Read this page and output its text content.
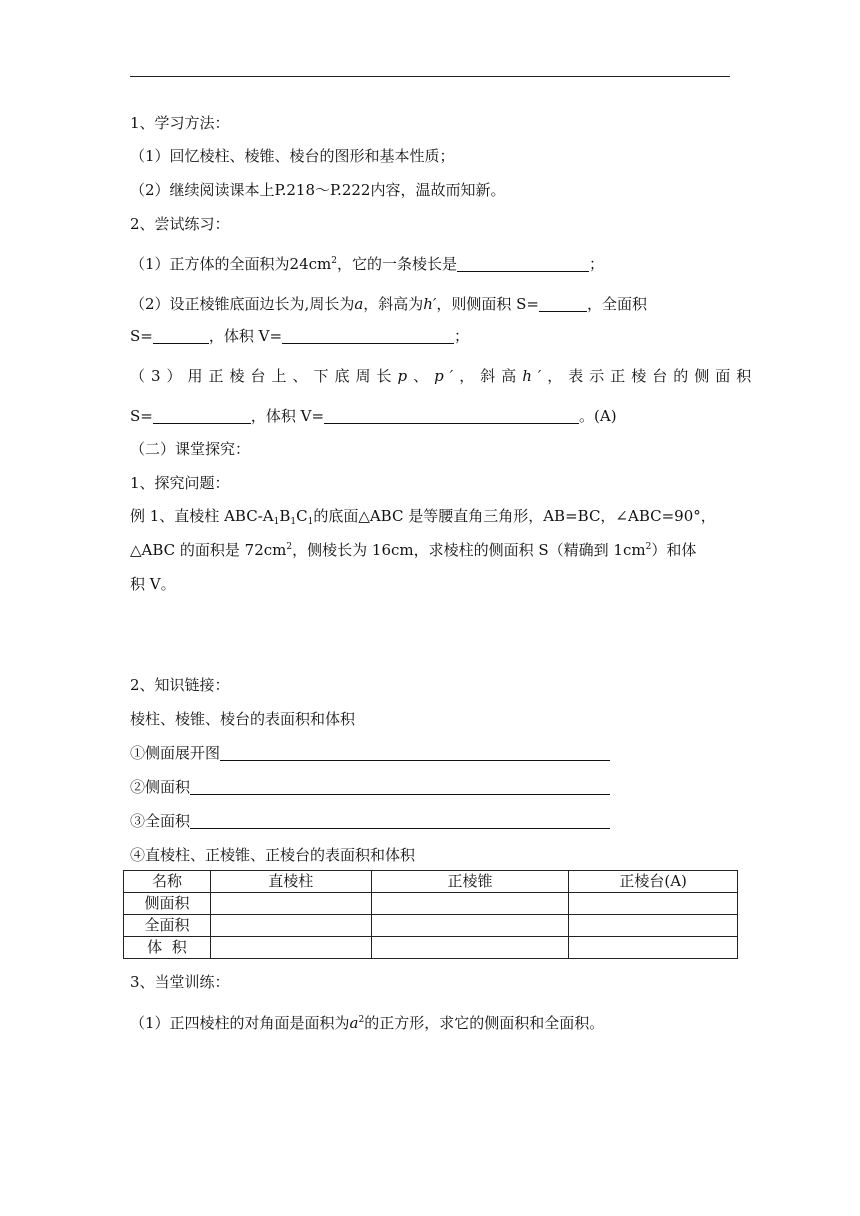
1、学习方法：
（1）回忆棱柱、棱锥、棱台的图形和基本性质；
（2）继续阅读课本上P.218～P.222内容，温故而知新。
2、尝试练习：
（1）正方体的全面积为$24cm^2$，它的一条棱长是	；
（2）设正棱锥底面边长为,周长为a，斜高为h′，则侧面积 S=	，全面积
S=	，体积 V=	；
（3）用正棱台上、下底周长p、p′，斜高h′，表示正棱台的侧面积
S=	，体积 V=	。(A)
（二）课堂探究：
1、探究问题：
例 1、直棱柱 ABC-$A_1B_1C_1$的底面△ABC 是等腰直角三角形，AB=BC，∠ABC=90°，
△ABC 的面积是 $72cm^2$，侧棱长为 16cm，求棱柱的侧面积 S（精确到 $1cm^2$）和体
积 V。
2、知识链接：
棱柱、棱锥、棱台的表面积和体积
①侧面展开图
②侧面积
③全面积
④直棱柱、正棱锥、正棱台的表面积和体积
名称	直棱柱	正棱锥	正棱台(A)
侧面积			
全面积			
体  积			
3、当堂训练：
（1）正四棱柱的对角面是面积为$a^2$的正方形，求它的侧面积和全面积。
